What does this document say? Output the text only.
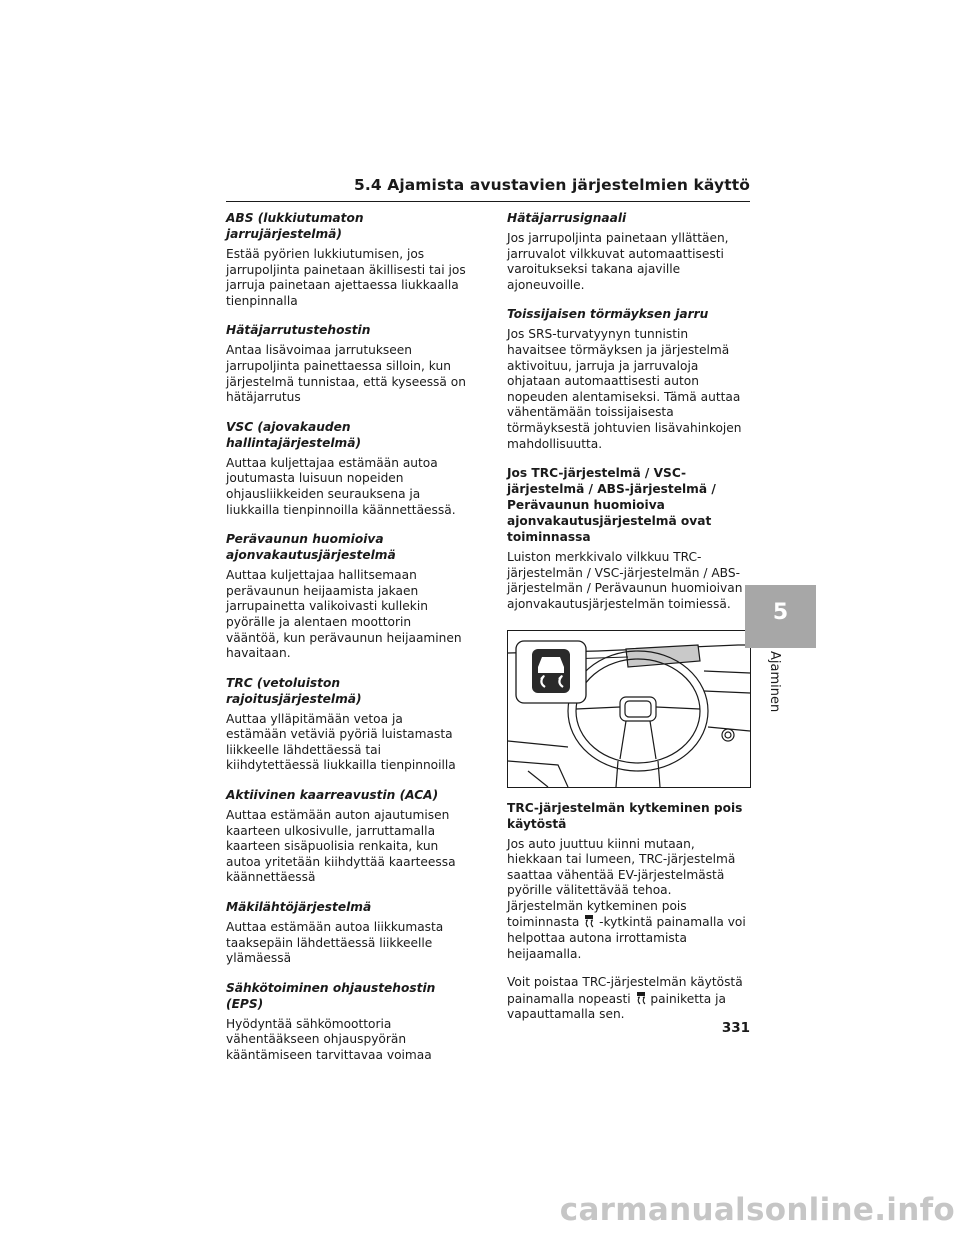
5.4 Ajamista avustavien järjestelmien käyttö
ABS (lukkiutumaton jarrujärjestelmä)
Estää pyörien lukkiutumisen, jos jarrupoljinta painetaan äkillisesti tai jos jarruja painetaan ajettaessa liukkaalla tienpinnalla
Hätäjarrutustehostin
Antaa lisävoimaa jarrutukseen jarrupoljinta painettaessa silloin, kun järjestelmä tunnistaa, että kyseessä on hätäjarrutus
VSC (ajovakauden hallintajärjestelmä)
Auttaa kuljettajaa estämään autoa joutumasta luisuun nopeiden ohjausliikkeiden seurauksena ja liukkailla tienpinnoilla käännettäessä.
Perävaunun huomioiva ajonvakautusjärjestelmä
Auttaa kuljettajaa hallitsemaan perävaunun heijaamista jakaen jarrupainetta valikoivasti kullekin pyörälle ja alentaen moottorin vääntöä, kun perävaunun heijaaminen havaitaan.
TRC (vetoluiston rajoitusjärjestelmä)
Auttaa ylläpitämään vetoa ja estämään vetäviä pyöriä luistamasta liikkeelle lähdettäessä tai kiihdytettäessä liukkailla tienpinnoilla
Aktiivinen kaarreavustin (ACA)
Auttaa estämään auton ajautumisen kaarteen ulkosivulle, jarruttamalla kaarteen sisäpuolisia renkaita, kun autoa yritetään kiihdyttää kaarteessa käännettäessä
Mäkilähtöjärjestelmä
Auttaa estämään autoa liikkumasta taaksepäin lähdettäessä liikkeelle ylämäessä
Sähkötoiminen ohjaustehostin (EPS)
Hyödyntää sähkömoottoria vähentääkseen ohjauspyörän kääntämiseen tarvittavaa voimaa
Hätäjarrusignaali
Jos jarrupoljinta painetaan yllättäen, jarruvalot vilkkuvat automaattisesti varoitukseksi takana ajaville ajoneuvoille.
Toissijaisen törmäyksen jarru
Jos SRS-turvatyynyn tunnistin havaitsee törmäyksen ja järjestelmä aktivoituu, jarruja ja jarruvaloja ohjataan automaattisesti auton nopeuden alentamiseksi. Tämä auttaa vähentämään toissijaisesta törmäyksestä johtuvien lisävahinkojen mahdollisuutta.
Jos TRC-järjestelmä / VSC-järjestelmä / ABS-järjestelmä / Perävaunun huomioiva ajonvakautusjärjestelmä ovat toiminnassa
Luiston merkkivalo vilkkuu TRC-järjestelmän / VSC-järjestelmän / ABS-järjestelmän / Perävaunun huomioivan ajonvakautusjärjestelmän toimiessä.
TRC-järjestelmän kytkeminen pois käytöstä
Jos auto juuttuu kiinni mutaan, hiekkaan tai lumeen, TRC-järjestelmä saattaa vähentää EV-järjestelmästä pyörille välitettävää tehoa. Järjestelmän kytkeminen pois toiminnasta -kytkintä painamalla voi helpottaa autona irrottamista heijaamalla.
Voit poistaa TRC-järjestelmän käytöstä painamalla nopeasti painiketta ja vapauttamalla sen.
5
Ajaminen
331
carmanualsonline.info
